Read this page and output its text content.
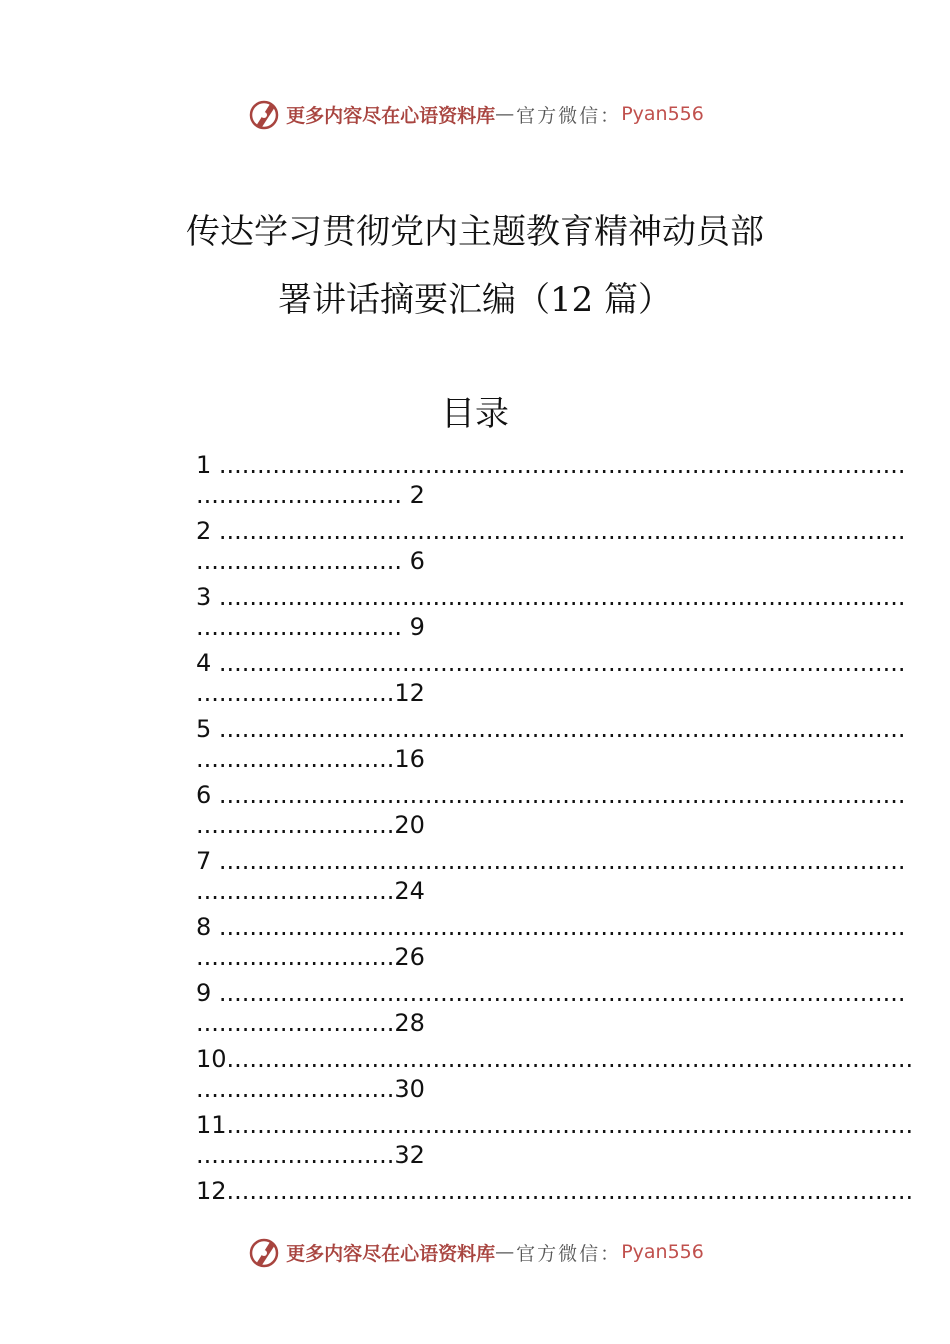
更多内容尽在心语资料库 — 官方微信： Pyan556
传达学习贯彻党内主题教育精神动员部
署讲话摘要汇编（12 篇）
目录
1 ..........................................................................................
........................... 2
2 ..........................................................................................
........................... 6
3 ..........................................................................................
........................... 9
4 ..........................................................................................
..........................12
5 ..........................................................................................
..........................16
6 ..........................................................................................
..........................20
7 ..........................................................................................
..........................24
8 ..........................................................................................
..........................26
9 ..........................................................................................
..........................28
10..........................................................................................
..........................30
11..........................................................................................
..........................32
12..........................................................................................
更多内容尽在心语资料库 — 官方微信： Pyan556
